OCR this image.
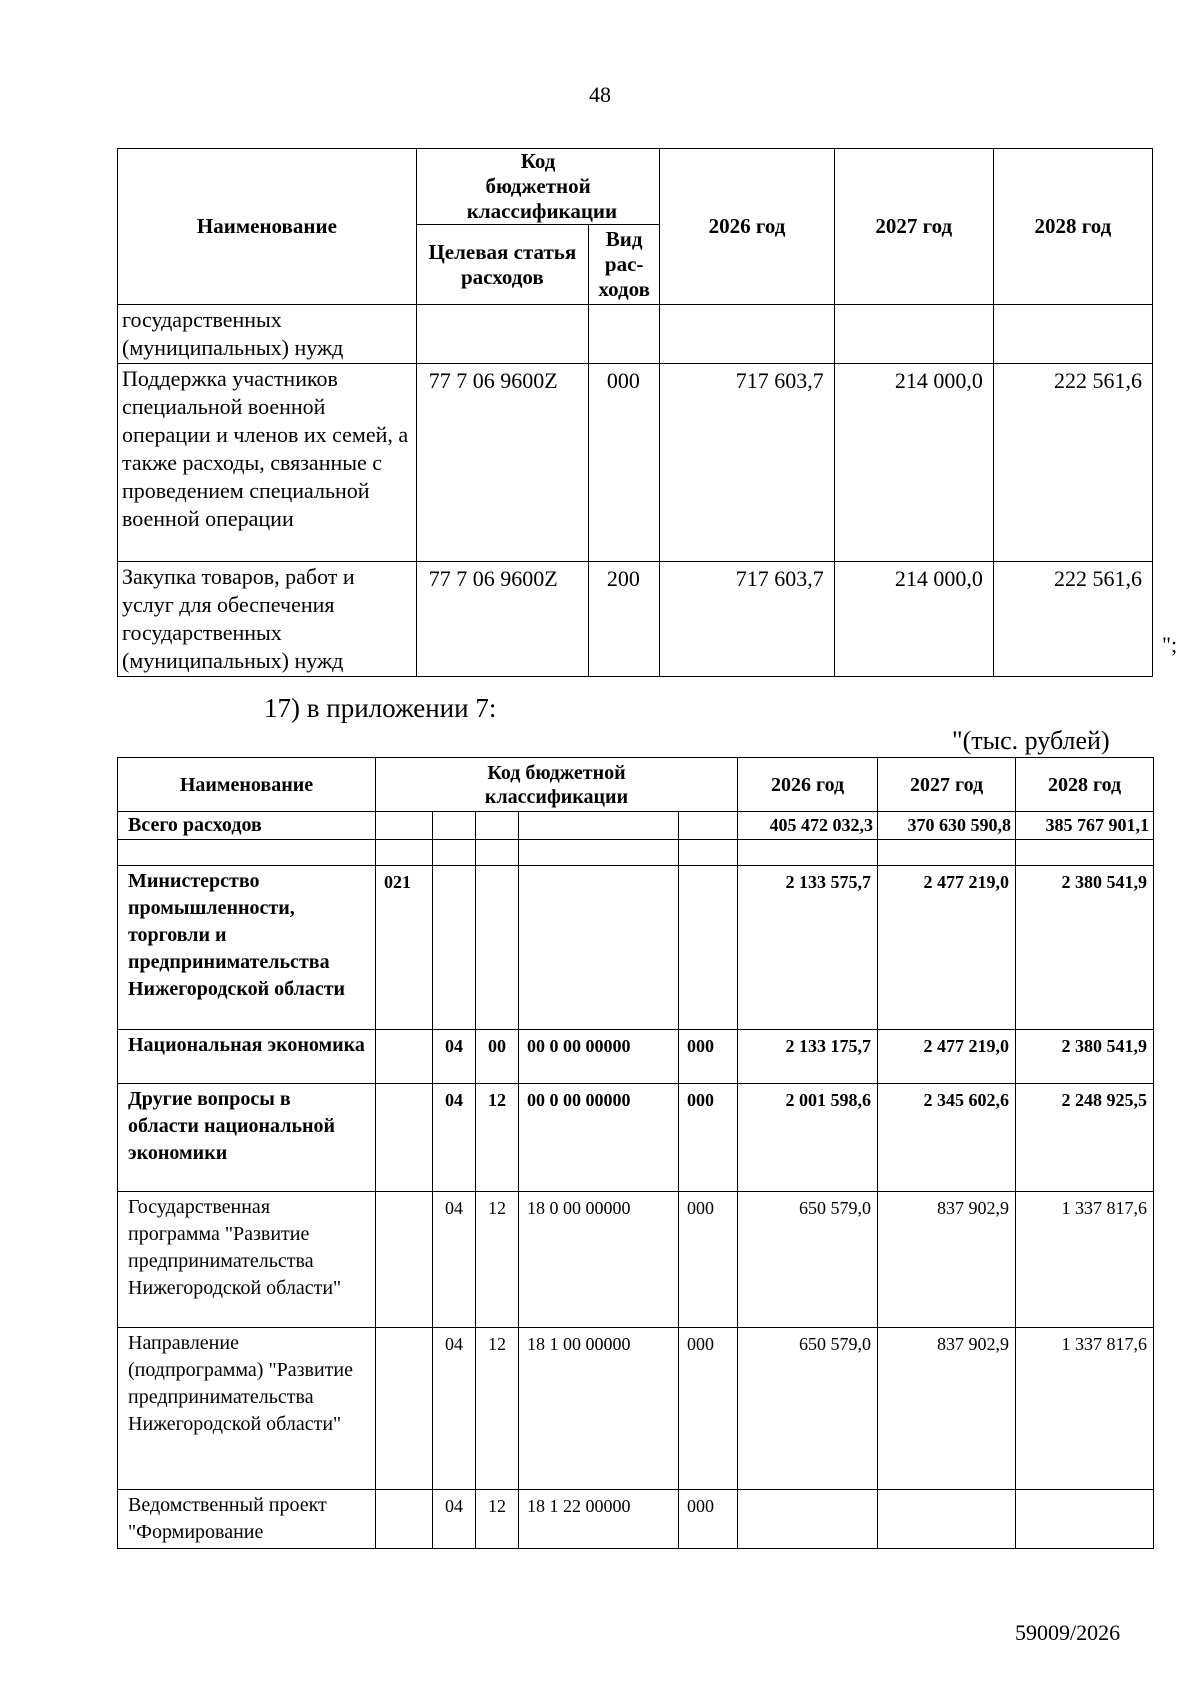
48
Наименование	Код бюджетной классификации		2026 год	2027 год	2028 год
	Целевая статья расходов	Вид рас-ходов			
государственных (муниципальных) нужд					
Поддержка участников специальной военной операции и членов их семей, а также расходы, связанные с проведением специальной военной операции	77 7 06 9600Z	000	717 603,7	214 000,0	222 561,6
Закупка товаров, работ и услуг для обеспечения государственных (муниципальных) нужд	77 7 06 9600Z	200	717 603,7	214 000,0	222 561,6
";
17) в приложении 7:
"(тыс. рублей)
Наименование	Код бюджетной классификации					2026 год	2027 год	2028 год
Всего расходов						405 472 032,3	370 630 590,8	385 767 901,1

Министерство промышленности, торговли и предпринимательства Нижегородской области	021					2 133 575,7	2 477 219,0	2 380 541,9
Национальная экономика		04	00	00 0 00 00000	000	2 133 175,7	2 477 219,0	2 380 541,9
Другие вопросы в области национальной экономики		04	12	00 0 00 00000	000	2 001 598,6	2 345 602,6	2 248 925,5
Государственная программа "Развитие предпринимательства Нижегородской области"		04	12	18 0 00 00000	000	650 579,0	837 902,9	1 337 817,6
Направление (подпрограмма) "Развитие предпринимательства Нижегородской области"		04	12	18 1 00 00000	000	650 579,0	837 902,9	1 337 817,6
Ведомственный проект "Формирование		04	12	18 1 22 00000	000			
59009/2026
